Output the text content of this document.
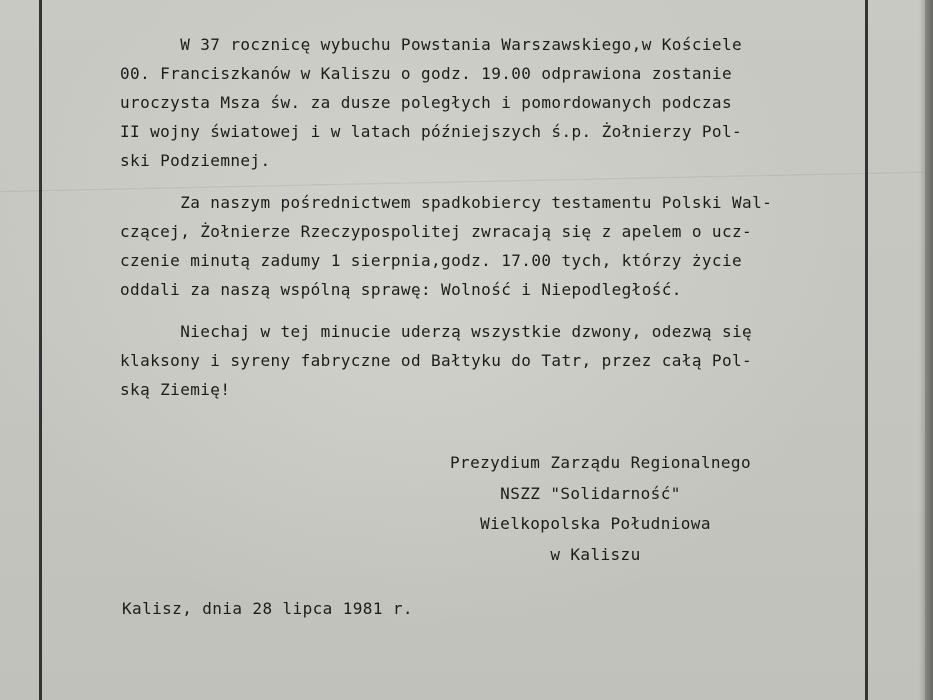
W 37 rocznicę wybuchu Powstania Warszawskiego,w Kościele
00. Franciszkanów w Kaliszu o godz. 19.00 odprawiona zostanie
uroczysta Msza św. za dusze poległych i pomordowanych podczas
II wojny światowej i w latach późniejszych ś.p. Żołnierzy Pol-
ski Podziemnej.
Za naszym pośrednictwem spadkobiercy testamentu Polski Wal-
czącej, Żołnierze Rzeczypospolitej zwracają się z apelem o ucz-
czenie minutą zadumy 1 sierpnia,godz. 17.00 tych, którzy życie
oddali za naszą wspólną sprawę: Wolność i Niepodległość.
Niechaj w tej minucie uderzą wszystkie dzwony, odezwą się
klaksony i syreny fabryczne od Bałtyku do Tatr, przez całą Pol-
ską Ziemię!
Prezydium Zarządu Regionalnego
NSZZ "Solidarność"
Wielkopolska Południowa
w Kaliszu
Kalisz, dnia 28 lipca 1981 r.
